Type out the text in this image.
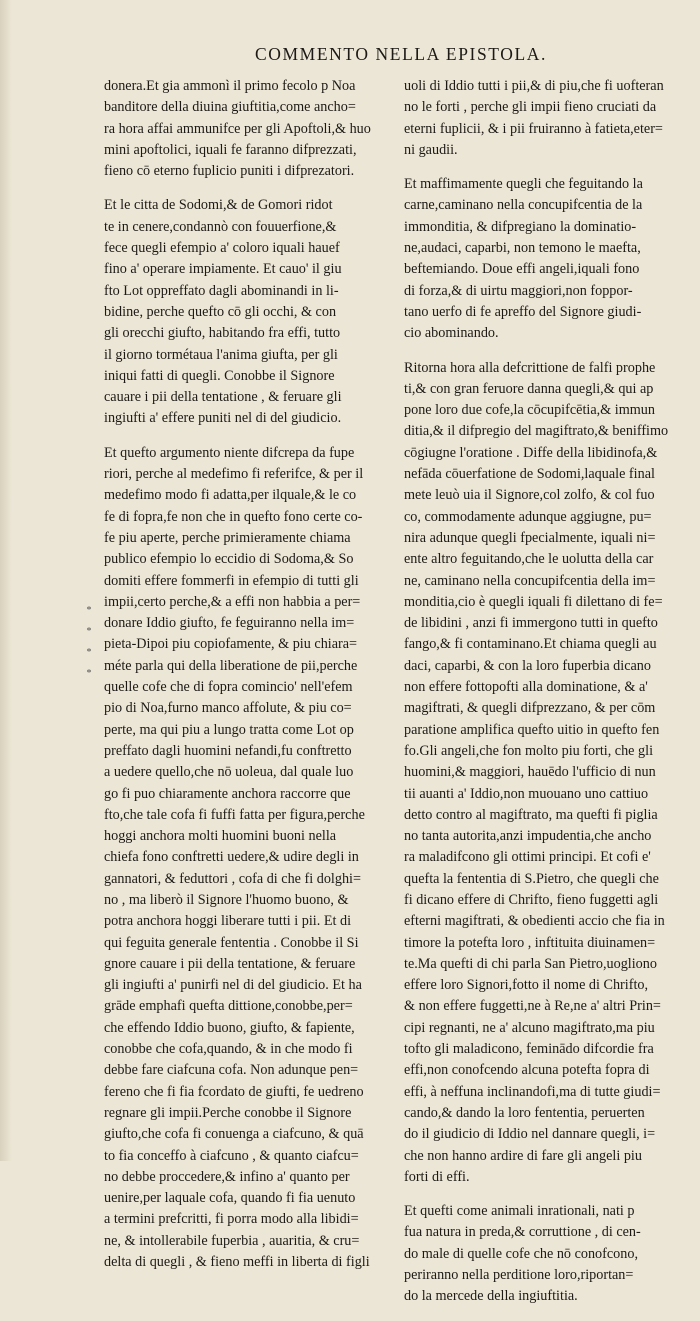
COMMENTO NELLA EPISTOLA.
*
*
*
*
donera.Et gia ammonì il primo fecolo p Noa
banditore della diuina giuftitia,come ancho=
ra hora affai ammunifce per gli Apoftoli,& huo
mini apoftolici, iquali fe faranno difprezzati,
fieno cō eterno fuplicio puniti i difprezatori.
Et le citta de Sodomi,& de Gomori ridot
te in cenere,condannò con fouuerfione,&
fece quegli efempio a' coloro iquali hauef
fino a' operare impiamente. Et cauo' il giu
fto Lot oppreffato dagli abominandi in li-
bidine, perche quefto cō gli occhi, & con
gli orecchi giufto, habitando fra effi, tutto
il giorno tormétaua l'anima giufta, per gli
iniqui fatti di quegli. Conobbe il Signore
cauare i pii della tentatione , & feruare gli
ingiufti a' effere puniti nel di del giudicio.
Et quefto argumento niente difcrepa da fupe
riori, perche al medefimo fi referifce, & per il
medefimo modo fi adatta,per ilquale,& le co
fe di fopra,fe non che in quefto fono certe co-
fe piu aperte, perche primieramente chiama
publico efempio lo eccidio di Sodoma,& So
domiti effere fommerfi in efempio di tutti gli
impii,certo perche,& a effi non habbia a per=
donare Iddio giufto, fe feguiranno nella im=
pieta-Dipoi piu copiofamente, & piu chiara=
méte parla qui della liberatione de pii,perche
quelle cofe che di fopra comincio' nell'efem
pio di Noa,furno manco affolute, & piu co=
perte, ma qui piu a lungo tratta come Lot op
preffato dagli huomini nefandi,fu conftretto
a uedere quello,che nō uoleua, dal quale luo
go fi puo chiaramente anchora raccorre que
fto,che tale cofa fi fuffi fatta per figura,perche
hoggi anchora molti huomini buoni nella
chiefa fono conftretti uedere,& udire degli in
gannatori, & feduttori , cofa di che fi dolghi=
no , ma liberò il Signore l'huomo buono, &
potra anchora hoggi liberare tutti i pii. Et di
qui feguita generale fententia . Conobbe il Si
gnore cauare i pii della tentatione, & feruare
gli ingiufti a' punirfi nel di del giudicio. Et ha
grāde emphafi quefta dittione,conobbe,per=
che effendo Iddio buono, giufto, & fapiente,
conobbe che cofa,quando, & in che modo fi
debbe fare ciafcuna cofa. Non adunque pen=
fereno che fi fia fcordato de giufti, fe uedreno
regnare gli impii.Perche conobbe il Signore
giufto,che cofa fi conuenga a ciafcuno, & quā
to fia conceffo à ciafcuno , & quanto ciafcu=
no debbe proccedere,& infino a' quanto per
uenire,per laquale cofa, quando fi fia uenuto
a termini prefcritti, fi porra modo alla libidi=
ne, & intollerabile fuperbia , auaritia, & cru=
delta di quegli , & fieno meffi in liberta di figli
uoli di Iddio tutti i pii,& di piu,che fi uofteran
no le forti , perche gli impii fieno cruciati da
eterni fuplicii, & i pii fruiranno à fatieta,eter=
ni gaudii.
Et maffimamente quegli che feguitando la
carne,caminano nella concupifcentia de la
immonditia, & difpregiano la dominatio-
ne,audaci, caparbi, non temono le maefta,
beftemiando. Doue effi angeli,iquali fono
di forza,& di uirtu maggiori,non foppor-
tano uerfo di fe apreffo del Signore giudi-
cio abominando.
Ritorna hora alla defcrittione de falfi prophe
ti,& con gran feruore danna quegli,& qui ap
pone loro due cofe,la cōcupifcētia,& immun
ditia,& il difpregio del magiftrato,& beniffimo
cōgiugne l'oratione . Diffe della libidinofa,&
nefāda cōuerfatione de Sodomi,laquale final
mete leuò uia il Signore,col zolfo, & col fuo
co, commodamente adunque aggiugne, pu=
nira adunque quegli fpecialmente, iquali ni=
ente altro feguitando,che le uolutta della car
ne, caminano nella concupifcentia della im=
monditia,cio è quegli iquali fi dilettano di fe=
de libidini , anzi fi immergono tutti in quefto
fango,& fi contaminano.Et chiama quegli au
daci, caparbi, & con la loro fuperbia dicano
non effere fottopofti alla dominatione, & a'
magiftrati, & quegli difprezzano, & per cōm
paratione amplifica quefto uitio in quefto fen
fo.Gli angeli,che fon molto piu forti, che gli
huomini,& maggiori, hauēdo l'ufficio di nun
tii auanti a' Iddio,non muouano uno cattiuo
detto contro al magiftrato, ma quefti fi piglia
no tanta autorita,anzi impudentia,che ancho
ra maladifcono gli ottimi principi. Et cofi e'
quefta la fententia di S.Pietro, che quegli che
fi dicano effere di Chrifto, fieno fuggetti agli
efterni magiftrati, & obedienti accio che fia in
timore la potefta loro , inftituita diuinamen=
te.Ma quefti di chi parla San Pietro,uogliono
effere loro Signori,fotto il nome di Chrifto,
& non effere fuggetti,ne à Re,ne a' altri Prin=
cipi regnanti, ne a' alcuno magiftrato,ma piu
tofto gli maladicono, feminādo difcordie fra
effi,non conofcendo alcuna potefta fopra di
effi, à neffuna inclinandofi,ma di tutte giudi=
cando,& dando la loro fententia, peruerten
do il giudicio di Iddio nel dannare quegli, i=
che non hanno ardire di fare gli angeli piu
forti di effi.
Et quefti come animali inrationali, nati p
fua natura in preda,& corruttione , di cen-
do male di quelle cofe che nō conofcono,
periranno nella perditione loro,riportan=
do la mercede della ingiuftitia.
